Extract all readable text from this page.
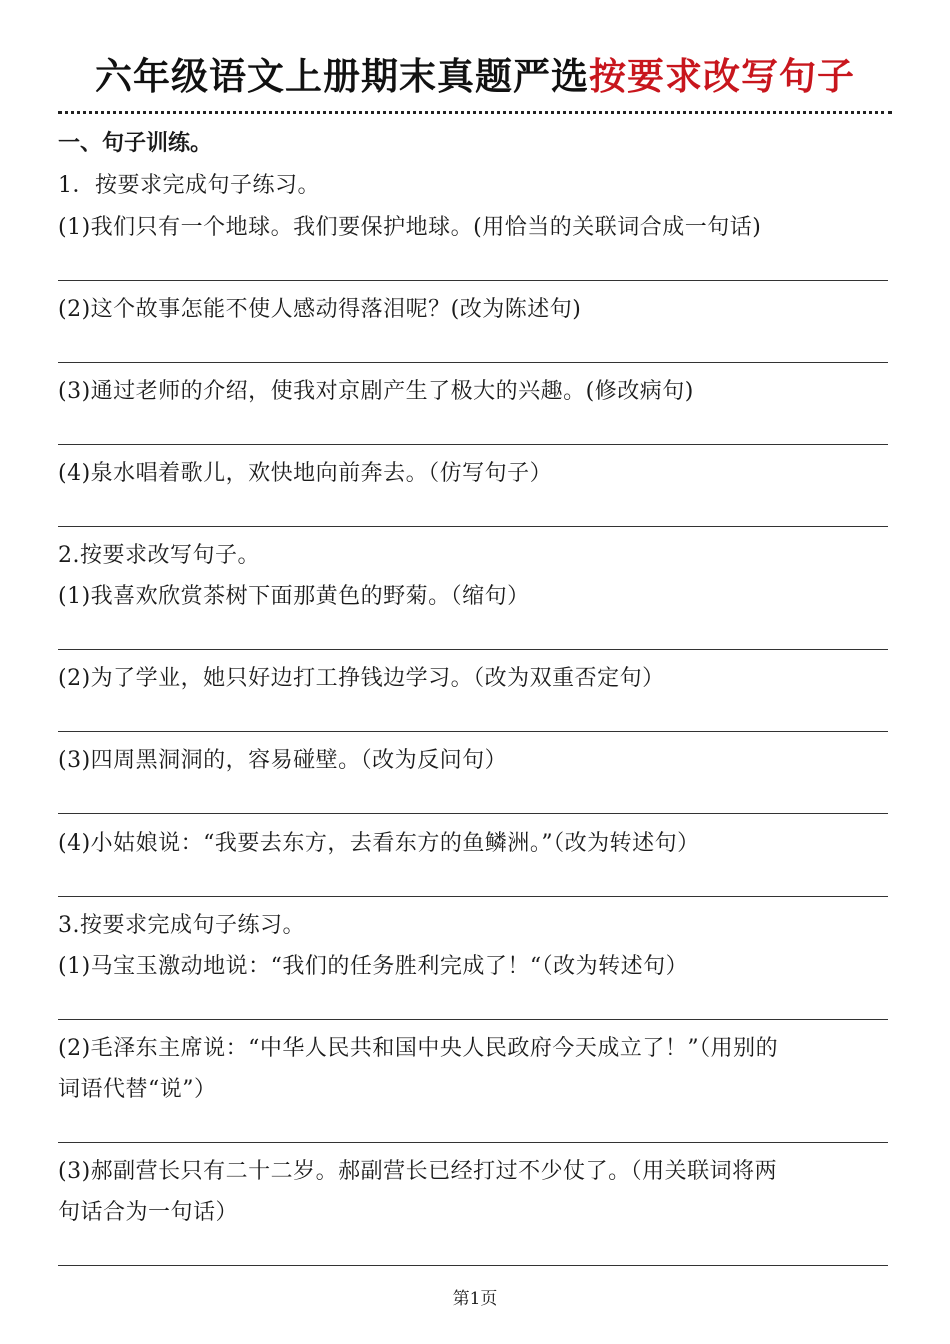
六年级语文上册期末真题严选按要求改写句子
一、句子训练。
1．按要求完成句子练习。
(1)我们只有一个地球。我们要保护地球。(用恰当的关联词合成一句话)
(2)这个故事怎能不使人感动得落泪呢？(改为陈述句)
(3)通过老师的介绍，使我对京剧产生了极大的兴趣。(修改病句)
(4)泉水唱着歌儿，欢快地向前奔去。（仿写句子）
2.按要求改写句子。
(1)我喜欢欣赏茶树下面那黄色的野菊。（缩句）
(2)为了学业，她只好边打工挣钱边学习。（改为双重否定句）
(3)四周黑洞洞的，容易碰壁。（改为反问句）
(4)小姑娘说：“我要去东方，去看东方的鱼鳞洲。”（改为转述句）
3.按要求完成句子练习。
(1)马宝玉激动地说：“我们的任务胜利完成了！“（改为转述句）
(2)毛泽东主席说：“中华人民共和国中央人民政府今天成立了！”（用别的
词语代替“说”）
(3)郝副营长只有二十二岁。郝副营长已经打过不少仗了。（用关联词将两
句话合为一句话）
第1页
